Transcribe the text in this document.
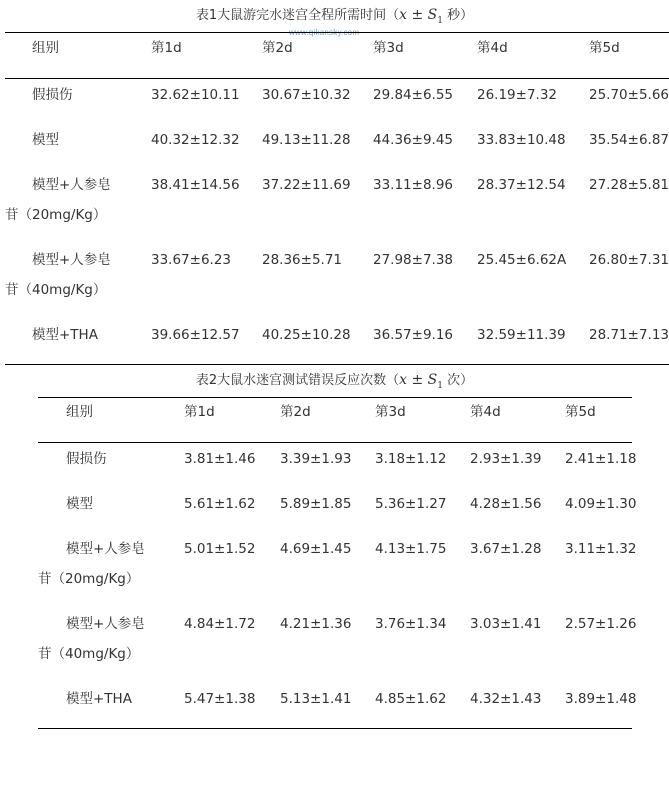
表1大鼠游完水迷宫全程所需时间（$x \pm S_1$ 秒）
www.qikansky.com
组别	第1d	第2d	第3d	第4d	第5d
假损伤	32.62±10.11 30.67±10.32 29.84±6.55 26.19±7.32 25.70±5.66
模型	40.32±12.32 49.13±11.28 44.36±9.45 33.83±10.48 35.54±6.87
模型+人参皂
苷（20mg/Kg）
38.41±14.56 37.22±11.69 33.11±8.96 28.37±12.54 27.28±5.81
模型+人参皂
苷（40mg/Kg）
33.67±6.23 28.36±5.71 27.98±7.38 25.45±6.62A 26.80±7.31
模型+THA	39.66±12.57 40.25±10.28 36.57±9.16 32.59±11.39 28.71±7.13
表2大鼠水迷宫测试错误反应次数（$x \pm S_1$ 次）
组别	第1d	第2d	第3d	第4d	第5d
假损伤	3.81±1.46 3.39±1.93 3.18±1.12 2.93±1.39 2.41±1.18
模型	5.61±1.62 5.89±1.85 5.36±1.27 4.28±1.56 4.09±1.30
模型+人参皂
苷（20mg/Kg）
5.01±1.52 4.69±1.45 4.13±1.75 3.67±1.28 3.11±1.32
模型+人参皂
苷（40mg/Kg）
4.84±1.72 4.21±1.36 3.76±1.34 3.03±1.41 2.57±1.26
模型+THA	5.47±1.38 5.13±1.41 4.85±1.62 4.32±1.43 3.89±1.48
